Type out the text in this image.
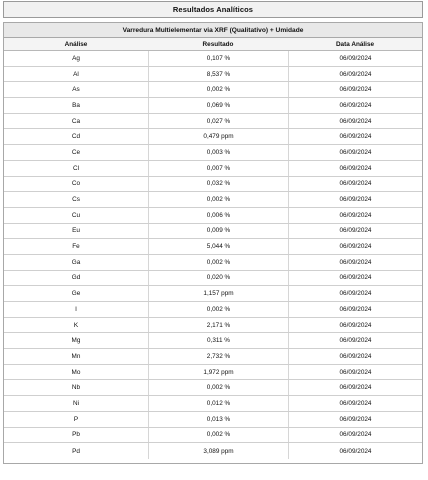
Resultados Analíticos
Varredura Multielementar via XRF (Qualitativo) + Umidade
Análise	Resultado	Data Análise
Ag	0,107 %	06/09/2024
Al	8,537 %	06/09/2024
As	0,002 %	06/09/2024
Ba	0,069 %	06/09/2024
Ca	0,027 %	06/09/2024
Cd	0,479 ppm	06/09/2024
Ce	0,003 %	06/09/2024
Cl	0,007 %	06/09/2024
Co	0,032 %	06/09/2024
Cs	0,002 %	06/09/2024
Cu	0,006 %	06/09/2024
Eu	0,009 %	06/09/2024
Fe	5,044 %	06/09/2024
Ga	0,002 %	06/09/2024
Gd	0,020 %	06/09/2024
Ge	1,157 ppm	06/09/2024
I	0,002 %	06/09/2024
K	2,171 %	06/09/2024
Mg	0,311 %	06/09/2024
Mn	2,732 %	06/09/2024
Mo	1,972 ppm	06/09/2024
Nb	0,002 %	06/09/2024
Ni	0,012 %	06/09/2024
P	0,013 %	06/09/2024
Pb	0,002 %	06/09/2024
Pd	3,089 ppm	06/09/2024
